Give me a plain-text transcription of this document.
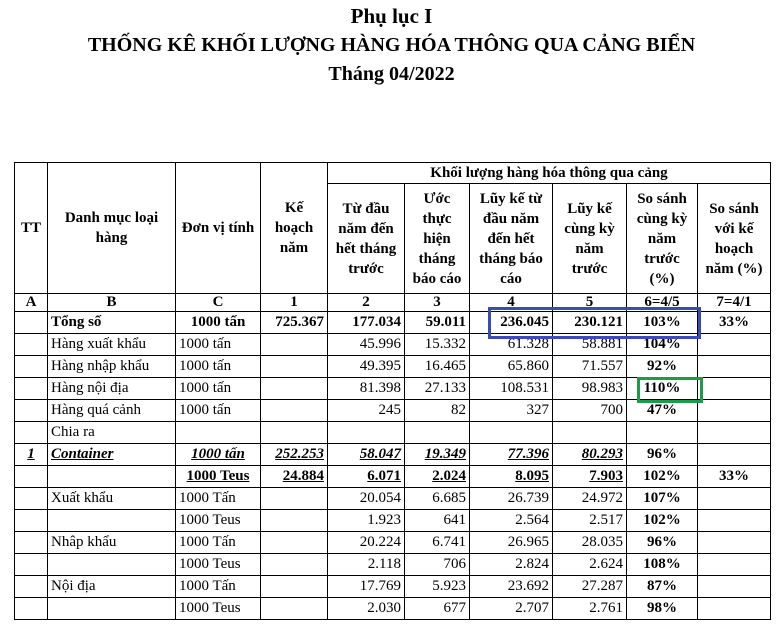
Phụ lục I
THỐNG KÊ KHỐI LƯỢNG HÀNG HÓA THÔNG QUA CẢNG BIỂN
Tháng 04/2022
TT	Danh mục loại hàng	Đơn vị tính	Kế hoạch năm	Khối lượng hàng hóa thông qua cảng					
				Từ đầu năm đến hết tháng trước	Ước thực hiện tháng báo cáo	Lũy kế từ đầu năm đến hết tháng báo cáo	Lũy kế cùng kỳ năm trước	So sánh cùng kỳ năm trước (%)	So sánh với kế hoạch năm (%)
A	B	C	1	2	3	4	5	6=4/5	7=4/1
	Tổng số	1000 tấn	725.367	177.034	59.011	236.045	230.121	103%	33%
	Hàng xuất khẩu	1000 tấn		45.996	15.332	61.328	58.881	104%	
	Hàng nhập khẩu	1000 tấn		49.395	16.465	65.860	71.557	92%	
	Hàng nội địa	1000 tấn		81.398	27.133	108.531	98.983	110%	
	Hàng quá cảnh	1000 tấn		245	82	327	700	47%	
	Chia ra								
1	Container	1000 tấn	252.253	58.047	19.349	77.396	80.293	96%	
		1000 Teus	24.884	6.071	2.024	8.095	7.903	102%	33%
	Xuất khẩu	1000 Tấn		20.054	6.685	26.739	24.972	107%	
		1000 Teus		1.923	641	2.564	2.517	102%	
	Nhâp khẩu	1000 Tấn		20.224	6.741	26.965	28.035	96%	
		1000 Teus		2.118	706	2.824	2.624	108%	
	Nội địa	1000 Tấn		17.769	5.923	23.692	27.287	87%	
		1000 Teus		2.030	677	2.707	2.761	98%	
